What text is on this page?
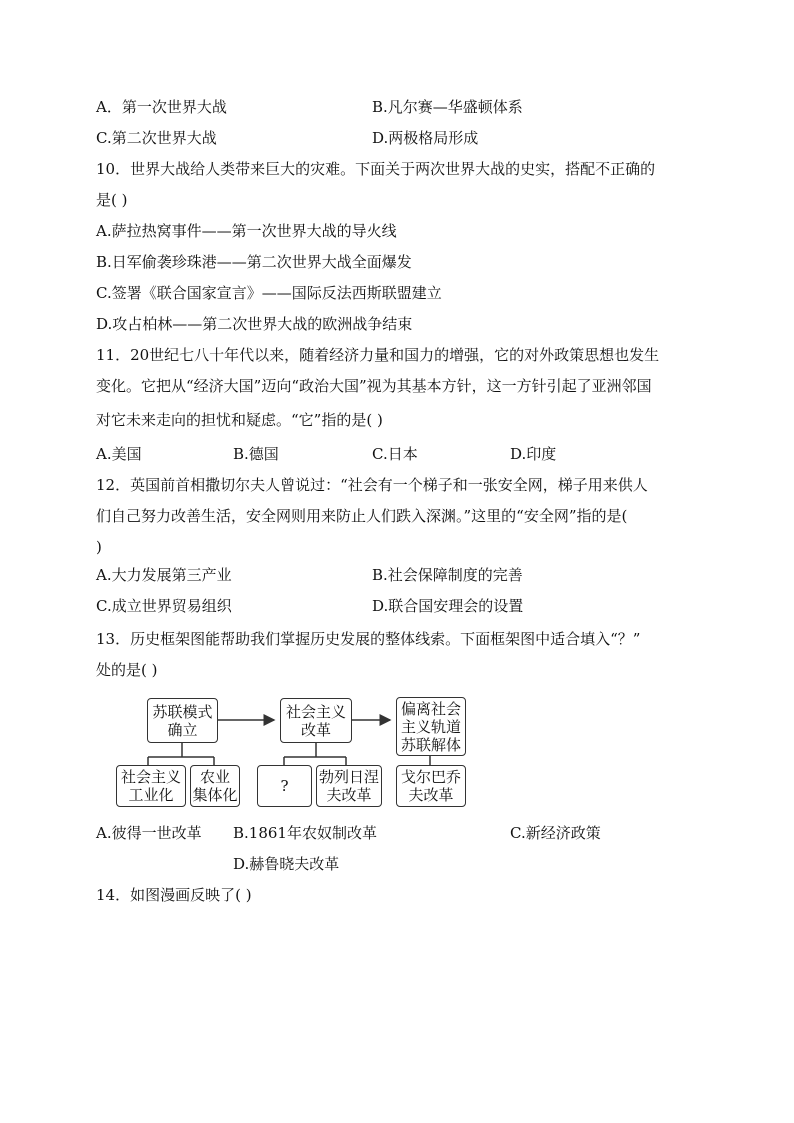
A．第一次世界大战	B.凡尔赛—华盛顿体系
C.第二次世界大战	D.两极格局形成
10．世界大战给人类带来巨大的灾难。下面关于两次世界大战的史实，搭配不正确的
是( )
A.萨拉热窝事件——第一次世界大战的导火线
B.日军偷袭珍珠港——第二次世界大战全面爆发
C.签署《联合国家宣言》——国际反法西斯联盟建立
D.攻占柏林——第二次世界大战的欧洲战争结束
11．20世纪七八十年代以来，随着经济力量和国力的增强，它的对外政策思想也发生
变化。它把从“经济大国”迈向“政治大国”视为其基本方针，这一方针引起了亚洲邻国
对它未来走向的担忧和疑虑。“它”指的是( )
A.美国	B.德国	C.日本	D.印度
12．英国前首相撒切尔夫人曾说过：“社会有一个梯子和一张安全网，梯子用来供人
们自己努力改善生活，安全网则用来防止人们跌入深渊。”这里的“安全网”指的是(
)
A.大力发展第三产业	B.社会保障制度的完善
C.成立世界贸易组织	D.联合国安理会的设置
13．历史框架图能帮助我们掌握历史发展的整体线索。下面框架图中适合填入“？”
处的是( )
苏联模式
确立
社会主义
改革
偏离社会
主义轨道
苏联解体
社会主义
工业化
农业
集体化	? 勃列日涅
夫改革
戈尔巴乔
夫改革
A.彼得一世改革 B.1861年农奴制改革	C.新经济政策
D.赫鲁晓夫改革
14．如图漫画反映了( )
